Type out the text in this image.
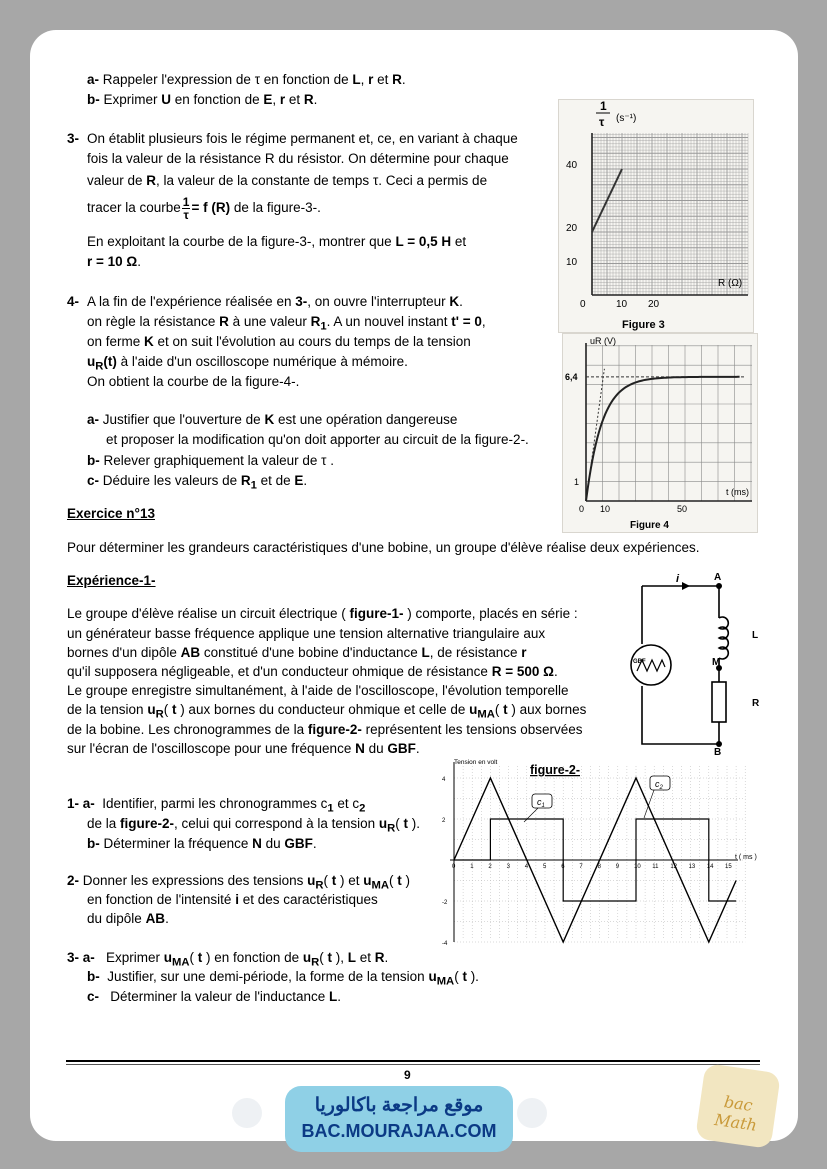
a- Rappeler l'expression de τ en fonction de L, r et R.

b- Exprimer U en fonction de E, r et R.

3- On établit plusieurs fois le régime permanent et, ce, en variant à chaque

fois la valeur de la résistance R du résistor. On détermine pour chaque

valeur de R, la valeur de la constante de temps τ. Ceci a permis de

tracer la courbe $\frac{1}{\tau} = f$ (R) de la figure-3-.

En exploitant la courbe de la figure-3-, montrer que L = 0,5 H et

r = 10 Ω.

4- A la fin de l'expérience réalisée en 3-, on ouvre l'interrupteur K.

on règle la résistance R à une valeur $R_1$. A un nouvel instant t' = 0,

on ferme K et on suit l'évolution au cours du temps de la tension

$u_R(t)$ à l'aide d'un oscilloscope numérique à mémoire.

On obtient la courbe de la figure-4-.

a- Justifier que l'ouverture de K est une opération dangereuse

et proposer la modification qu'on doit apporter au circuit de la figure-2-.

b- Relever graphiquement la valeur de τ .

c- Déduire les valeurs de $R_1$ et de E.

1
τ (s⁻¹)
R (Ω)
40
20
10
0	10 20
Figure 3
uR (V)
t (ms)
6,4
1
0 10	50
Figure 4

Exercice n°13

Pour déterminer les grandeurs caractéristiques d'une bobine, un groupe d'élève réalise deux expériences.

Expérience-1-

Le groupe d'élève réalise un circuit électrique ( figure-1- ) comporte, placés en série :

un générateur basse fréquence applique une tension alternative triangulaire aux

bornes d'un dipôle AB constitué d'une bobine d'inductance L, de résistance r

qu'il supposera négligeable, et d'un conducteur ohmique de résistance R = 500 Ω.

Le groupe enregistre simultanément, à l'aide de l'oscilloscope, l'évolution temporelle

de la tension $u_R$( t ) aux bornes du conducteur ohmique et celle de $u_{MA}$( t ) aux bornes

de la bobine. Les chronogrammes de la figure-2- représentent les tensions observées

sur l'écran de l'oscilloscope pour une fréquence N du GBF.

i	A
M
B
L
R
GBF

1- a- Identifier, parmi les chronogrammes $c_1$ et $c_2$

de la figure-2-, celui qui correspond à la tension $u_R$( t ).

b- Déterminer la fréquence N du GBF.

2- Donner les expressions des tensions $u_R$( t ) et $u_{MA}$( t )

en fonction de l'intensité i et des caractéristiques

du dipôle AB.

3- a- Exprimer $u_{MA}$( t ) en fonction de $u_R$( t ), L et R.

b- Justifier, sur une demi-période, la forme de la tension $u_{MA}$( t ).

c- Déterminer la valeur de l'inductance L.

Tension en volt
figure-2-
t ( ms )
$c_1$
$c_2$
4
2
-2
-4
0 1 2 3 4 5 6 7 8 9 10 11 12 13 14 15
9
موقع مراجعة باكالوريا
BAC.MOURAJAA.COM
bac Math
